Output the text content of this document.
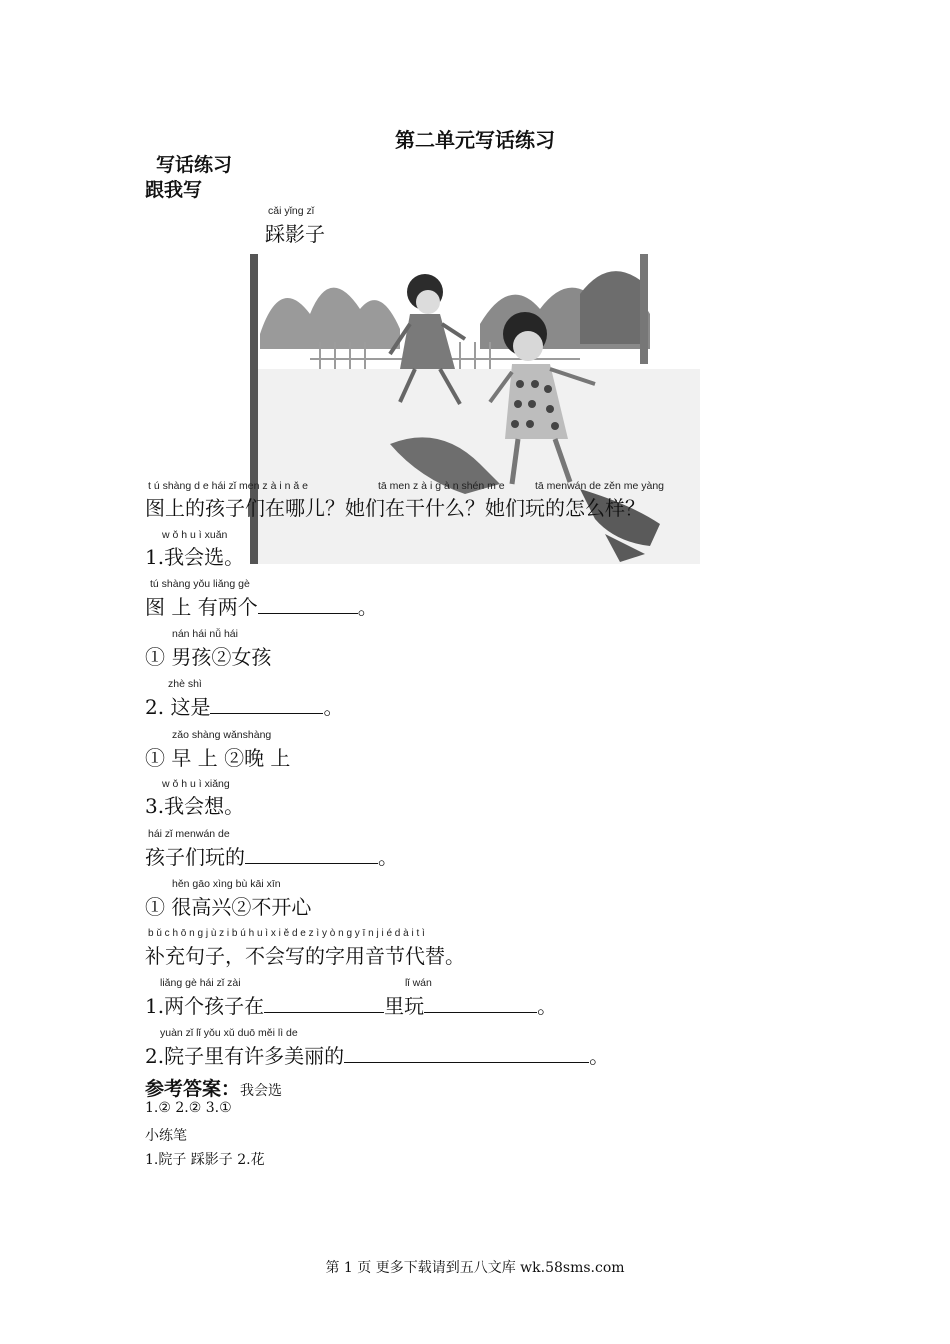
第二单元写话练习
写话练习
跟我写
cǎi yǐng zǐ
踩影子
t ú shàng d e hái zǐ men z à i n ǎ e	tā men z à i g à n shén m e	tā menwán de zěn me yàng
图上的孩子们在哪儿？她们在干什么？她们玩的怎么样？
w ǒ h u ì xuǎn
1.我会选。
tú shàng yǒu liǎng gè
图 上 有两个	。
nán hái nǚ hái
① 男孩②女孩
zhè shì
2. 这是	。
zǎo shàng wǎnshàng
① 早 上 ②晚 上
w ǒ h u ì xiǎng
3.我会想。
hái zǐ menwán de
孩子们玩的	。
hěn gāo xìng bù kāi xīn
① 很高兴②不开心
b ǔ c h ō n g j ù z i b ú h u ì x i ě d e z ì y ò n g y ī n j i é d à i t ì
补充句子，不会写的字用音节代替。
liǎng gè hái zǐ zài	lǐ wán
1.两个孩子在	里玩	。
yuàn zǐ lǐ yǒu xǔ duō měi lì de
2.院子里有许多美丽的	。
参考答案：我会选
1.② 2.② 3.①
小练笔
1.院子 踩影子 2.花
第 1 页 更多下载请到五八文库 wk.58sms.com
